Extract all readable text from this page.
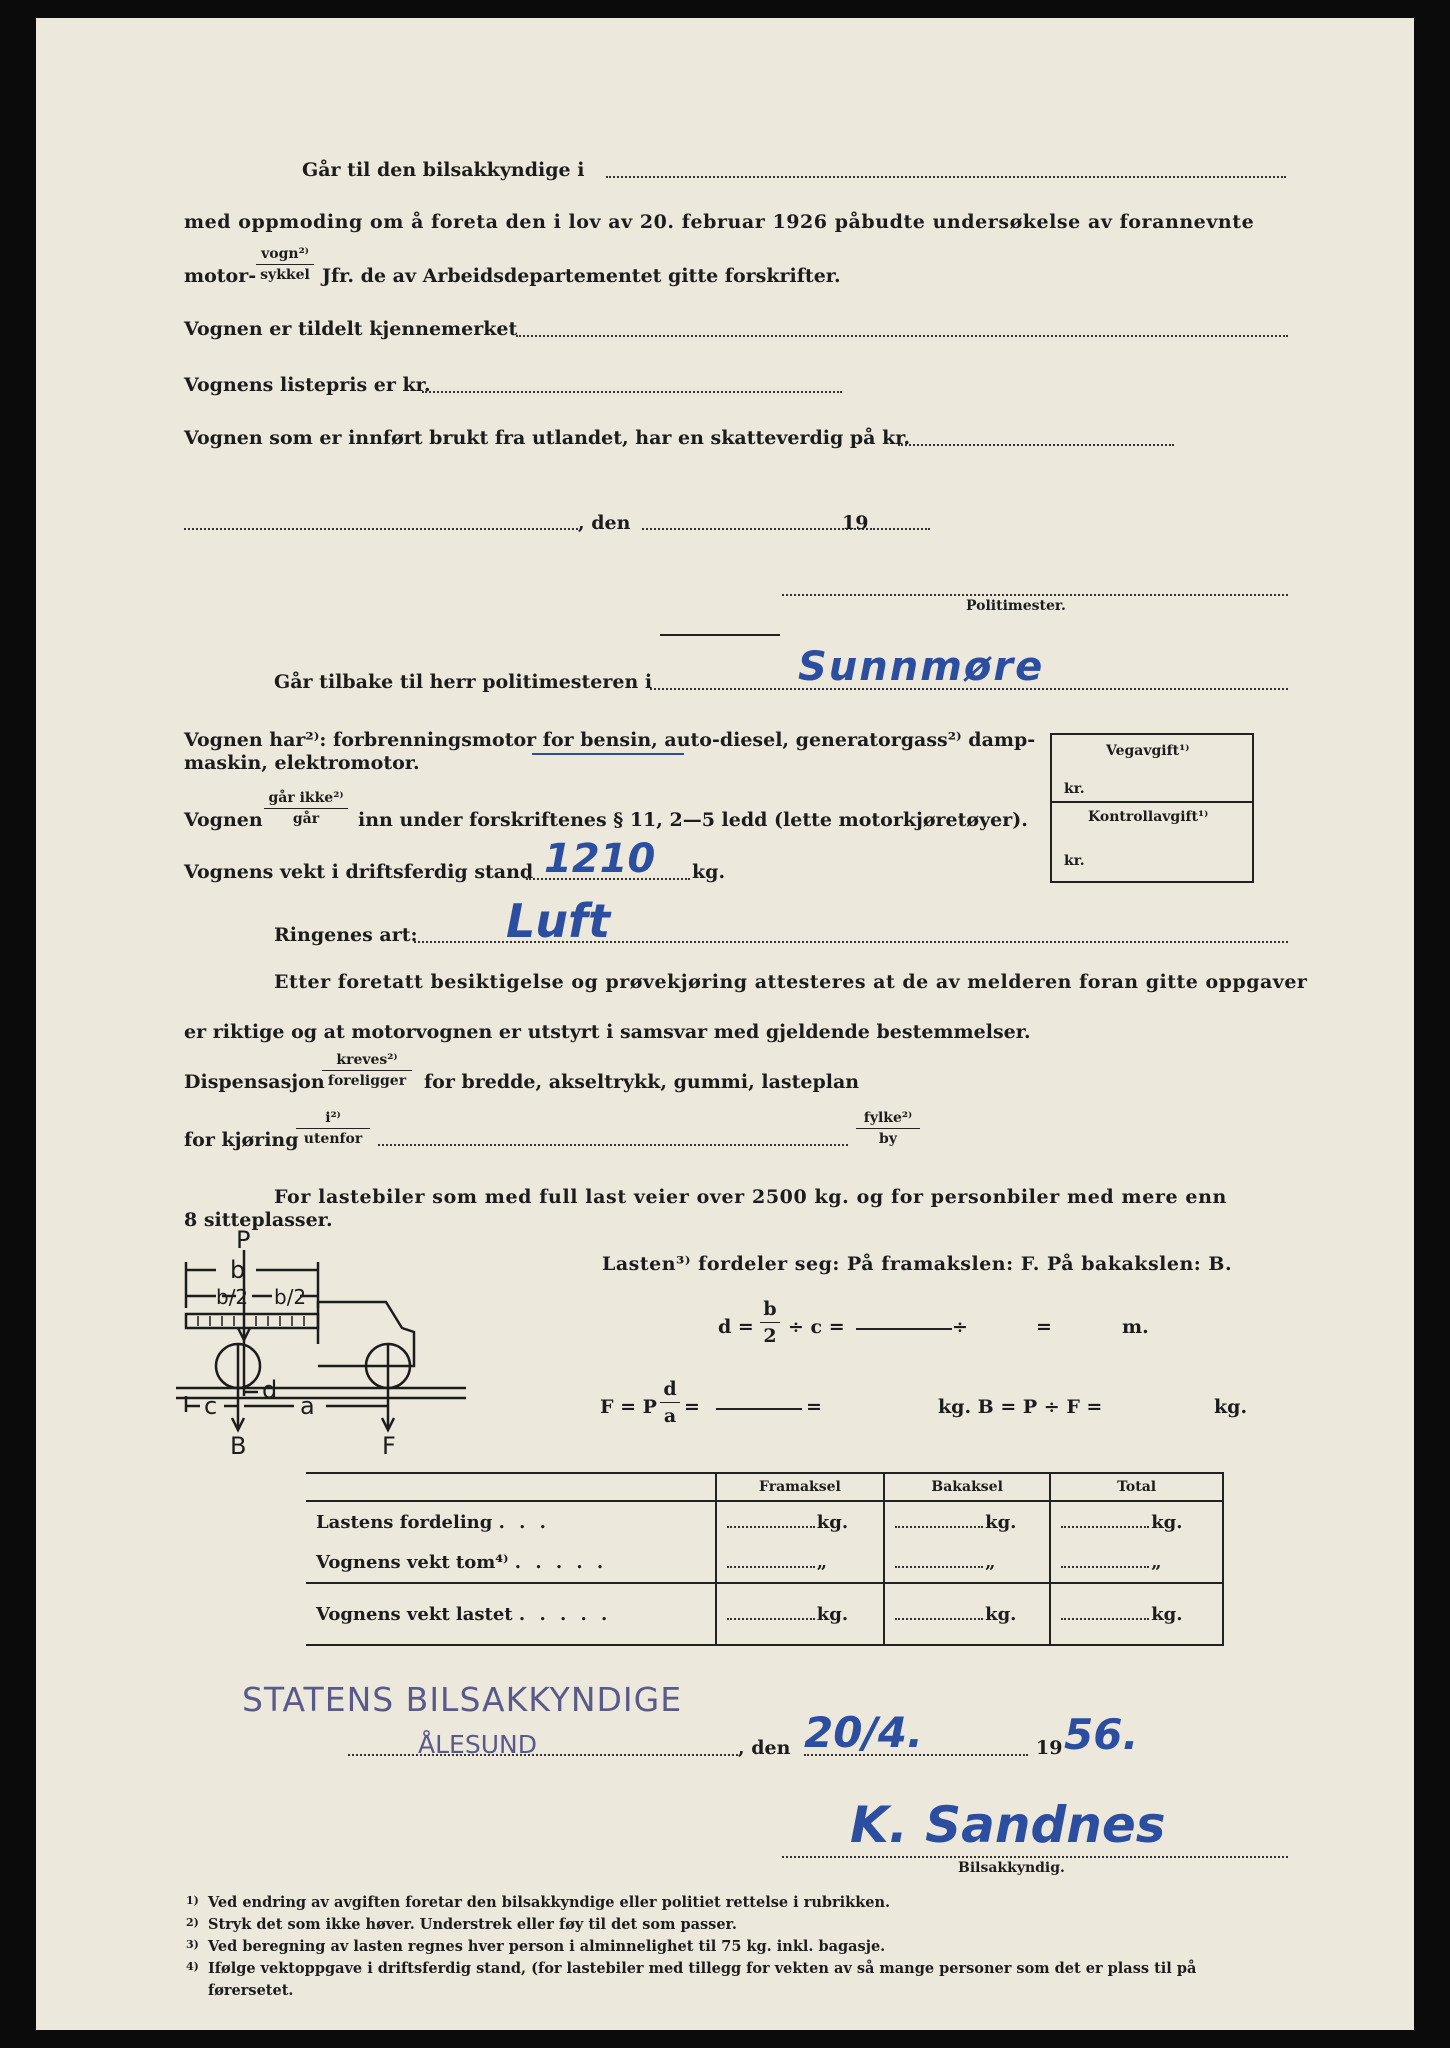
Går til den bilsakkyndige i
med oppmoding om å foreta den i lov av 20. februar 1926 påbudte undersøkelse av forannevnte
motor-
vogn²⁾
sykkel Jfr. de av Arbeidsdepartementet gitte forskrifter.
Vognen er tildelt kjennemerket
Vognens listepris er kr.
Vognen som er innført brukt fra utlandet, har en skatteverdig på kr.
, den	19
Politimester.
Går tilbake til herr politimesteren i	Sunnmøre
Vognen har²⁾: forbrenningsmotor for bensin, auto-diesel, generatorgass²⁾ damp-
maskin, elektromotor.
Vegavgift¹⁾
kr.
Kontrollavgift¹⁾
kr.
Vognen
går ikke²⁾
går	inn under forskriftenes § 11, 2—5 ledd (lette motorkjøretøyer).
Vognens vekt i driftsferdig stand 1210 kg.
Ringenes art: Luft
Etter foretatt besiktigelse og prøvekjøring attesteres at de av melderen foran gitte oppgaver
er riktige og at motorvognen er utstyrt i samsvar med gjeldende bestemmelser.
Dispensasjon
kreves²⁾
foreligger for bredde, akseltrykk, gummi, lasteplan
for kjøring
i²⁾
utenfor
fylke²⁾
by
For lastebiler som med full last veier over 2500 kg. og for personbiler med mere enn
8 sitteplasser.
P
b
b/2 b/2
c
d
a
B	F
Lasten³⁾ fordeler seg: På framakslen: F. På bakakslen: B.
$d = \frac{b}{2} \div c$ =	÷	=	m.
F = P $\frac{d}{a}$ =	=	kg. B = P ÷ F =	kg.
	Framaksel	Bakaksel	Total
Lastens fordeling . . .	kg.	kg.	kg.
Vognens vekt tom⁴⁾ . . . . .	„	„	„
Vognens vekt lastet . . . . .	kg.	kg.	kg.
STATENS BILSAKKYNDIGE
ÅLESUND	, den 20/4.	19 56.
K. Sandnes
Bilsakkyndig.
1) Ved endring av avgiften foretar den bilsakkyndige eller politiet rettelse i rubrikken.
2) Stryk det som ikke høver. Understrek eller føy til det som passer.
3) Ved beregning av lasten regnes hver person i alminnelighet til 75 kg. inkl. bagasje.
4) Ifølge vektoppgave i driftsferdig stand, (for lastebiler med tillegg for vekten av så mange personer som det er plass til på
førersetet.
